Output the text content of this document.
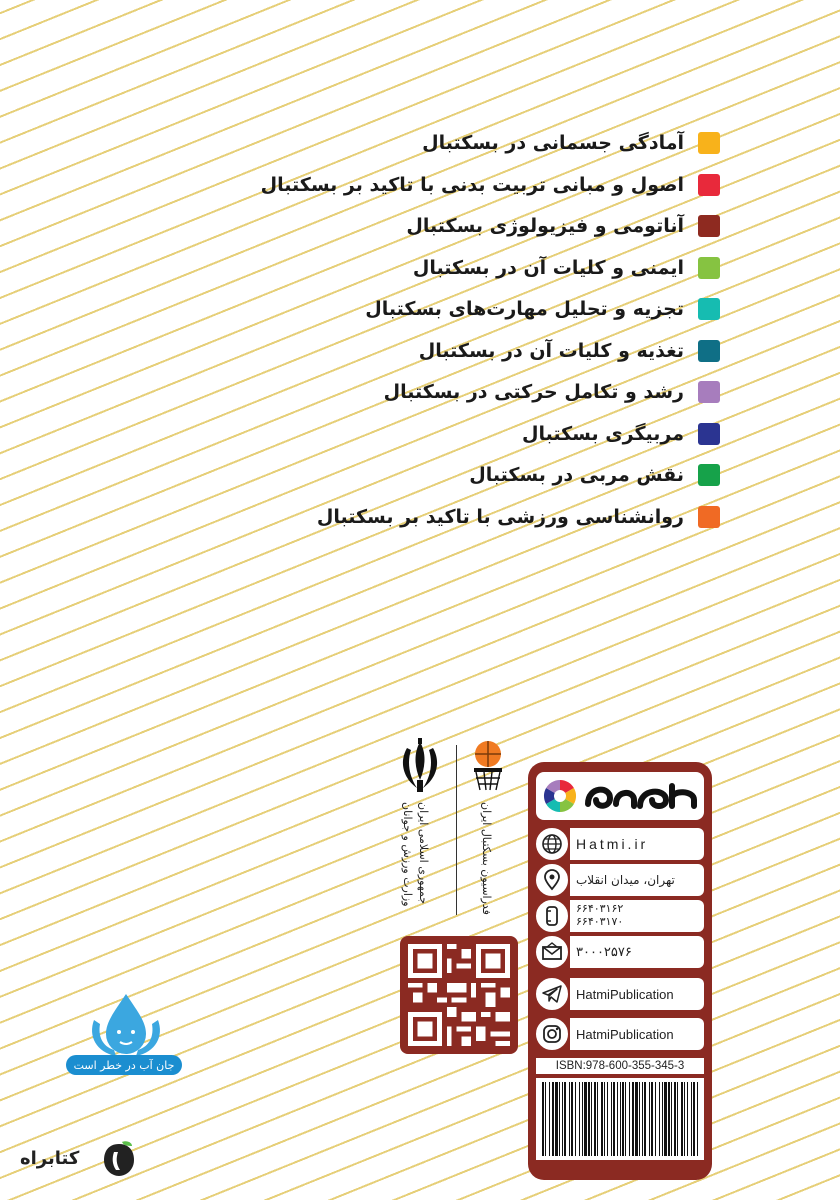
آمادگی جسمانی در بسکتبال
اصول و مبانی تربیت بدنی با تاکید بر بسکتبال
آناتومی و فیزیولوژی بسکتبال
ایمنی و کلیات آن در بسکتبال
تجزیه و تحلیل مهارت‌های بسکتبال
تغذیه و کلیات آن در بسکتبال
رشد و تکامل حرکتی در بسکتبال
مربیگری بسکتبال
نقش مربی در بسکتبال
روانشناسی ورزشی با تاکید بر بسکتبال
جمهوری اسلامی ایران
وزارت ورزش و جوانان	فدراسیون بسکتبال ایران	Hatmi.ir
تهران، میدان انقلاب
۶۶۴۰۳۱۶۲
۶۶۴۰۳۱۷۰
۳۰۰۰۲۵۷۶
HatmiPublication
HatmiPublication
ISBN:978-600-355-345-3
جان آب در خطر است
کتابراه
